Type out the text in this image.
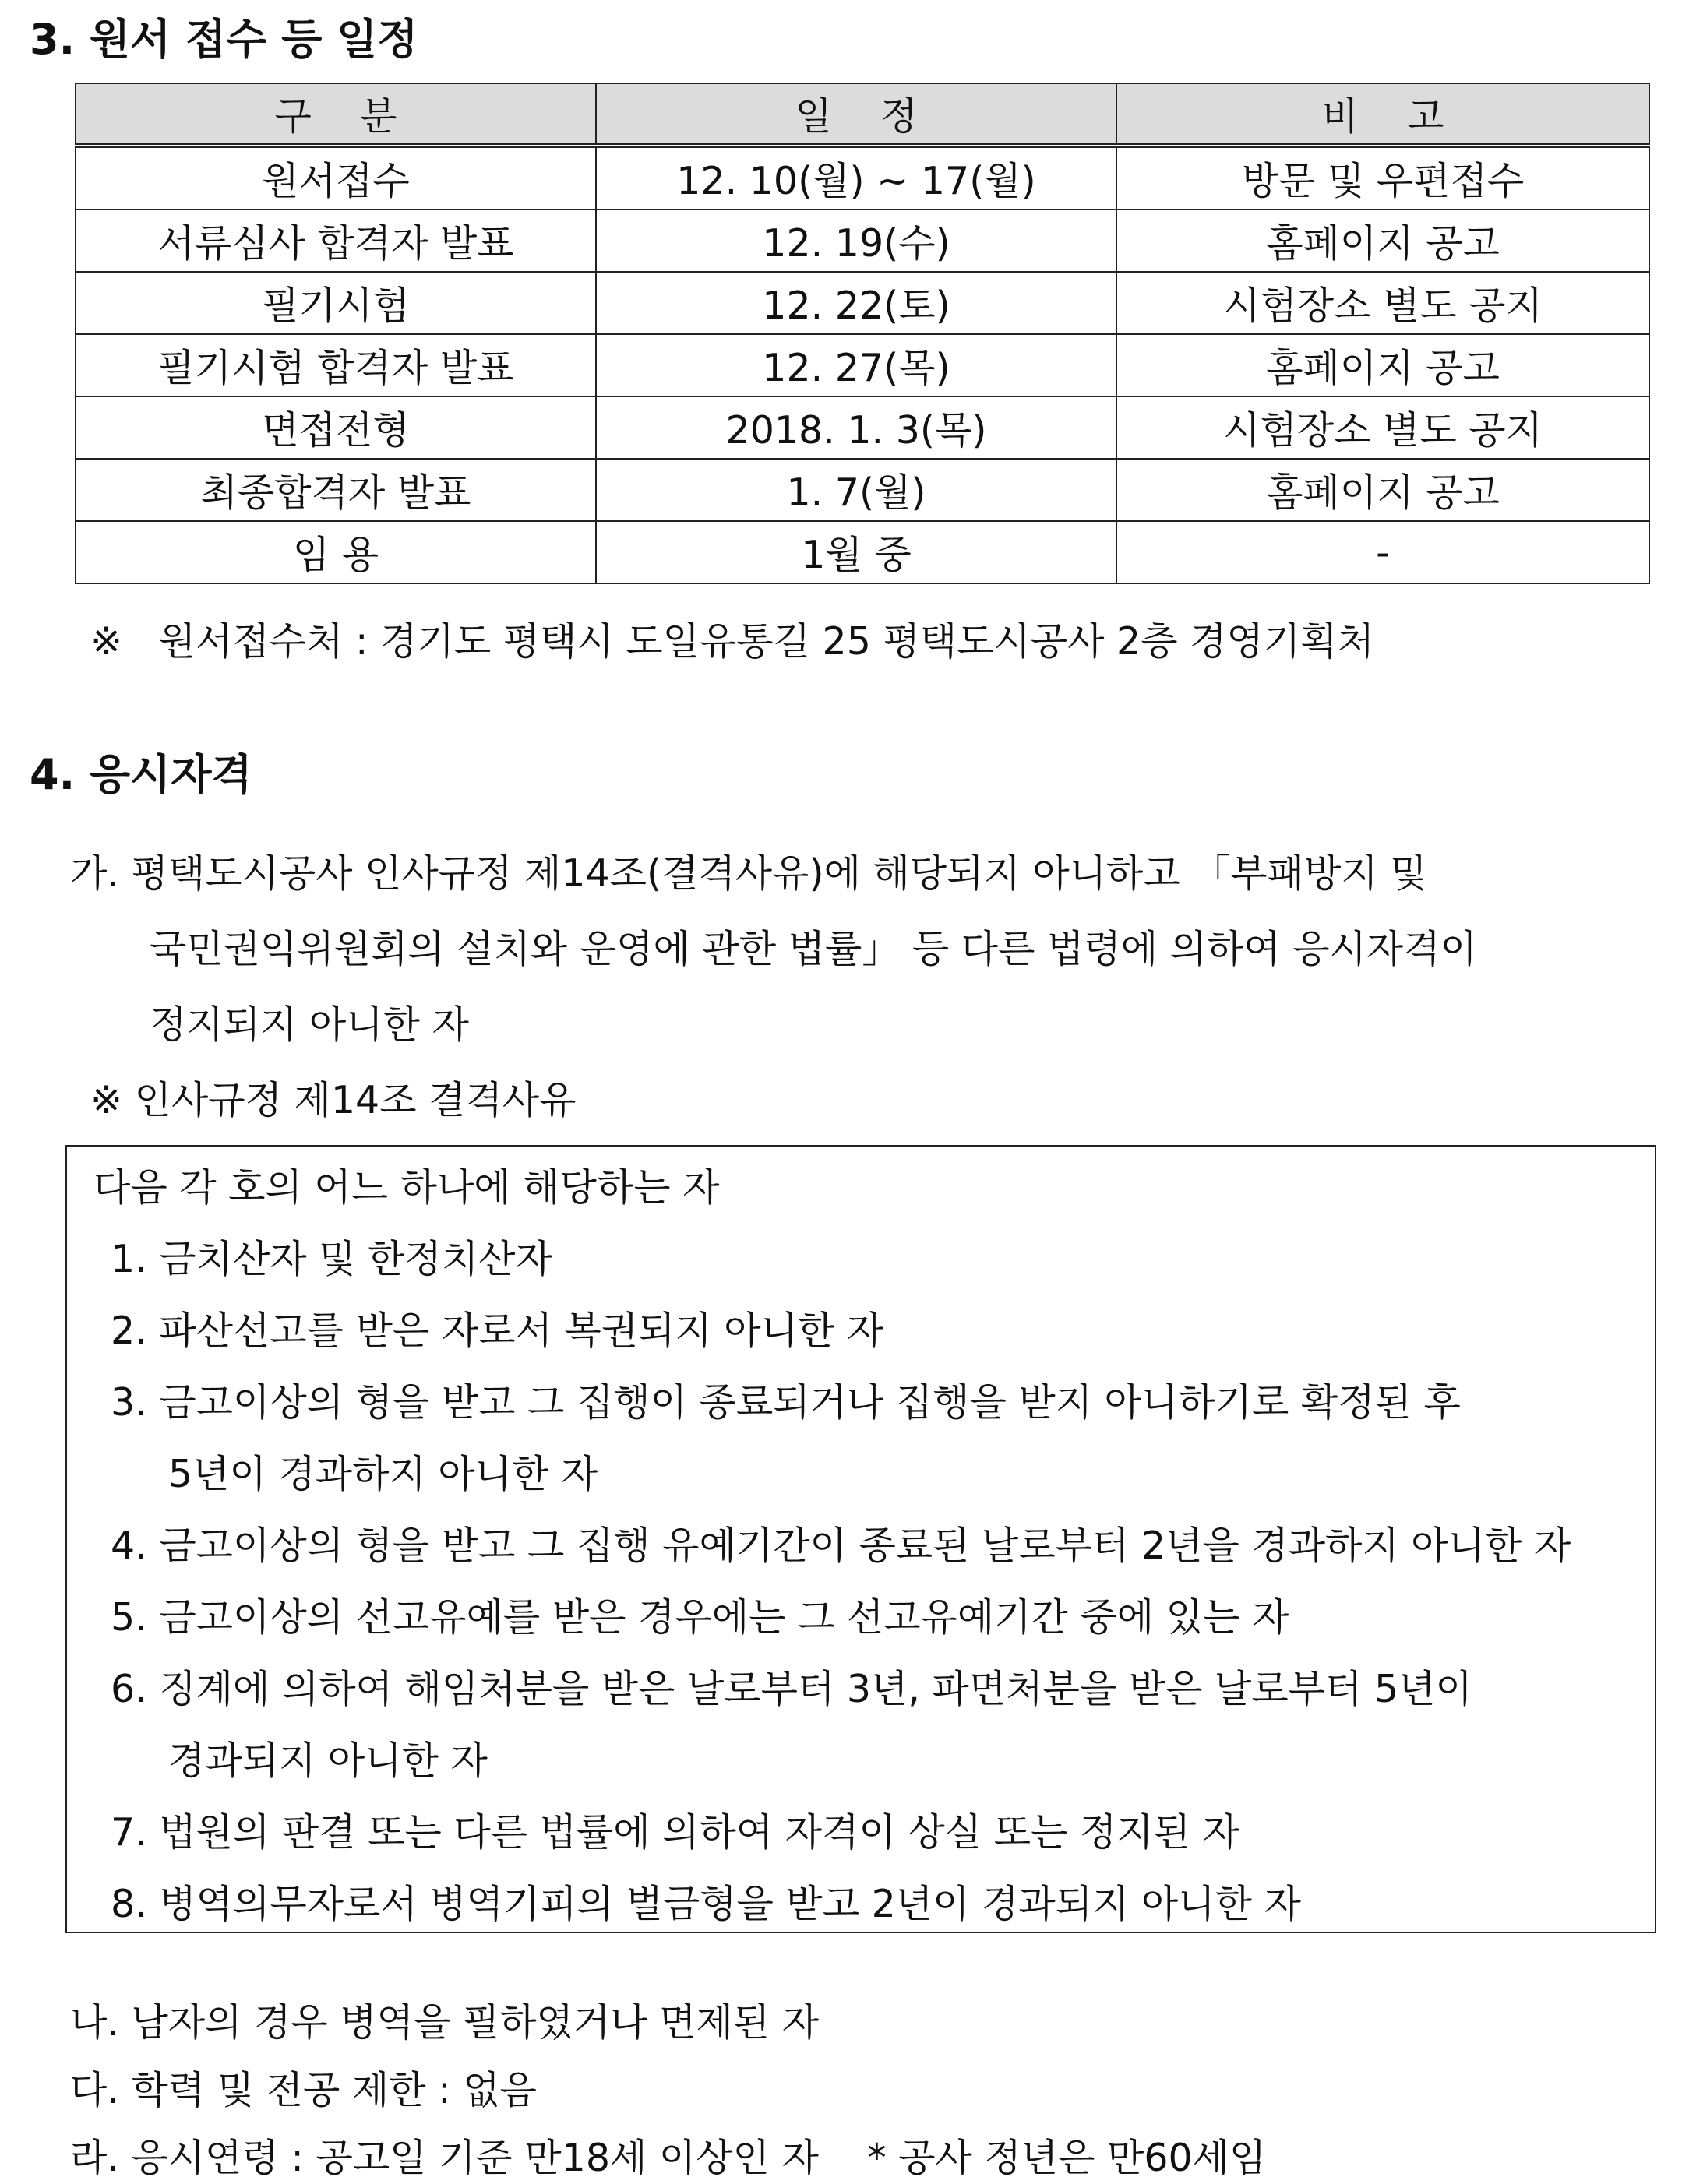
3. 원서 접수 등 일정
구    분	일    정	비    고
원서접수	12. 10(월) ~ 17(월)	방문 및 우편접수
서류심사 합격자 발표	12. 19(수)	홈페이지 공고
필기시험	12. 22(토)	시험장소 별도 공지
필기시험 합격자 발표	12. 27(목)	홈페이지 공고
면접전형	2018. 1. 3(목)	시험장소 별도 공지
최종합격자 발표	1. 7(월)	홈페이지 공고
임 용	1월 중	-
※   원서접수처 : 경기도 평택시 도일유통길 25 평택도시공사 2층 경영기획처
4. 응시자격
가. 평택도시공사 인사규정 제14조(결격사유)에 해당되지 아니하고 「부패방지 및
국민권익위원회의 설치와 운영에 관한 법률」 등 다른 법령에 의하여 응시자격이
정지되지 아니한 자
※ 인사규정 제14조 결격사유
다음 각 호의 어느 하나에 해당하는 자
1. 금치산자 및 한정치산자
2. 파산선고를 받은 자로서 복권되지 아니한 자
3. 금고이상의 형을 받고 그 집행이 종료되거나 집행을 받지 아니하기로 확정된 후
5년이 경과하지 아니한 자
4. 금고이상의 형을 받고 그 집행 유예기간이 종료된 날로부터 2년을 경과하지 아니한 자
5. 금고이상의 선고유예를 받은 경우에는 그 선고유예기간 중에 있는 자
6. 징계에 의하여 해임처분을 받은 날로부터 3년, 파면처분을 받은 날로부터 5년이
경과되지 아니한 자
7. 법원의 판결 또는 다른 법률에 의하여 자격이 상실 또는 정지된 자
8. 병역의무자로서 병역기피의 벌금형을 받고 2년이 경과되지 아니한 자
나. 남자의 경우 병역을 필하였거나 면제된 자
다. 학력 및 전공 제한 : 없음
라. 응시연령 : 공고일 기준 만18세 이상인 자    * 공사 정년은 만60세임
